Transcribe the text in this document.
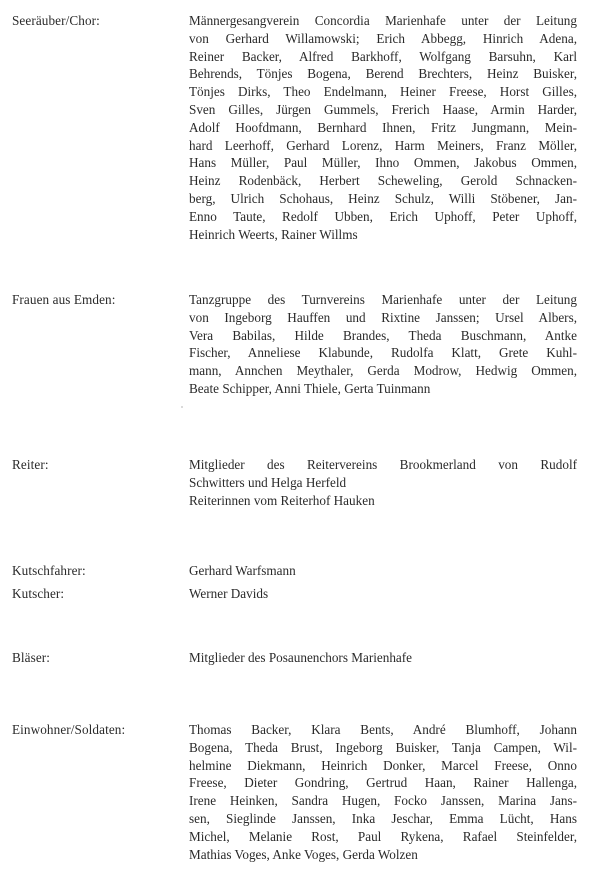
Seeräuber/Chor:	Männergesangverein Concordia Marienhafe unter der Leitung
von Gerhard Willamowski; Erich Abbegg, Hinrich Adena,
Reiner Backer, Alfred Barkhoff, Wolfgang Barsuhn, Karl
Behrends, Tönjes Bogena, Berend Brechters, Heinz Buisker,
Tönjes Dirks, Theo Endelmann, Heiner Freese, Horst Gilles,
Sven Gilles, Jürgen Gummels, Frerich Haase, Armin Harder,
Adolf Hoofdmann, Bernhard Ihnen, Fritz Jungmann, Mein-
hard Leerhoff, Gerhard Lorenz, Harm Meiners, Franz Möller,
Hans Müller, Paul Müller, Ihno Ommen, Jakobus Ommen,
Heinz Rodenbäck, Herbert Scheweling, Gerold Schnacken-
berg, Ulrich Schohaus, Heinz Schulz, Willi Stöbener, Jan-
Enno Taute, Redolf Ubben, Erich Uphoff, Peter Uphoff,
Heinrich Weerts, Rainer Willms
Frauen aus Emden:	Tanzgruppe des Turnvereins Marienhafe unter der Leitung
von Ingeborg Hauffen und Rixtine Janssen; Ursel Albers,
Vera Babilas, Hilde Brandes, Theda Buschmann, Antke
Fischer, Anneliese Klabunde, Rudolfa Klatt, Grete Kuhl-
mann, Annchen Meythaler, Gerda Modrow, Hedwig Ommen,
Beate Schipper, Anni Thiele, Gerta Tuinmann
Reiter:	Mitglieder des Reitervereins Brookmerland von Rudolf
Schwitters und Helga Herfeld
Reiterinnen vom Reiterhof Hauken
Kutschfahrer:	Gerhard Warfsmann
Kutscher:	Werner Davids
Bläser:	Mitglieder des Posaunenchors Marienhafe
Einwohner/Soldaten:	Thomas Backer, Klara Bents, André Blumhoff, Johann
Bogena, Theda Brust, Ingeborg Buisker, Tanja Campen, Wil-
helmine Diekmann, Heinrich Donker, Marcel Freese, Onno
Freese, Dieter Gondring, Gertrud Haan, Rainer Hallenga,
Irene Heinken, Sandra Hugen, Focko Janssen, Marina Jans-
sen, Sieglinde Janssen, Inka Jeschar, Emma Lücht, Hans
Michel, Melanie Rost, Paul Rykena, Rafael Steinfelder,
Mathias Voges, Anke Voges, Gerda Wolzen
